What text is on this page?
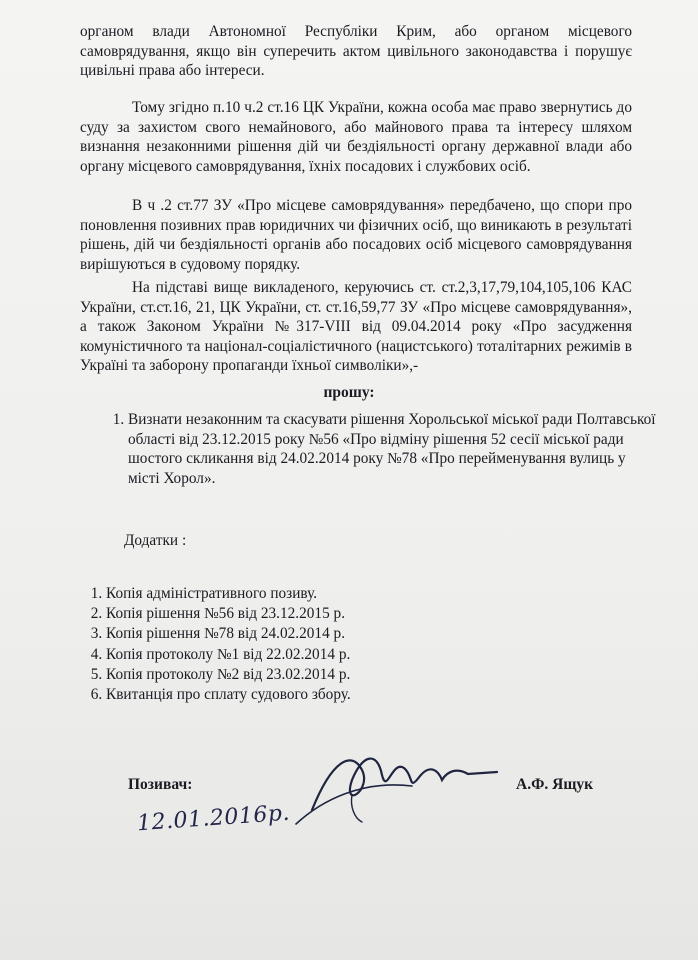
органом влади Автономної Республіки Крим, або органом місцевого самоврядування, якщо він суперечить актом цивільного законодавства і порушує цивільні права або інтереси.

Тому згідно п.10 ч.2 ст.16 ЦК України, кожна особа має право звернутись до суду за захистом свого немайнового, або майнового права та інтересу шляхом визнання незаконними рішення дій чи бездіяльності органу державної влади або органу місцевого самоврядування, їхніх посадових і службових осіб.

В ч .2 ст.77 ЗУ «Про місцеве самоврядування» передбачено, що спори про поновлення позивних прав юридичних чи фізичних осіб, що виникають в результаті рішень, дій чи бездіяльності органів або посадових осіб місцевого самоврядування вирішуються в судовому порядку.

На підставі вище викладеного, керуючись ст. ст.2,3,17,79,104,105,106 КАС України, ст.ст.16, 21, ЦК України, ст. ст.16,59,77 ЗУ «Про місцеве самоврядування», а також Законом України №317-VIII від 09.04.2014 року «Про засудження комуністичного та націонал-соціалістичного (нацистського) тоталітарних режимів в Україні та заборону пропаганди їхньої символіки»,-

прошу:
1. Визнати незаконним та скасувати рішення Хорольської міської ради Полтавської області від 23.12.2015 року №56 «Про відміну рішення 52 сесії міської ради шостого скликання від 24.02.2014 року №78 «Про перейменування вулиць у місті Хорол».
Додатки :
1. Копія адміністративного позиву.
2. Копія рішення №56 від 23.12.2015 р.
3. Копія рішення №78 від 24.02.2014 р.
4. Копія протоколу №1 від 22.02.2014 р.
5. Копія протоколу №2 від 23.02.2014 р.
6. Квитанція про сплату судового збору.
Позивач:	А.Ф. Ящук
12.01.2016р.
